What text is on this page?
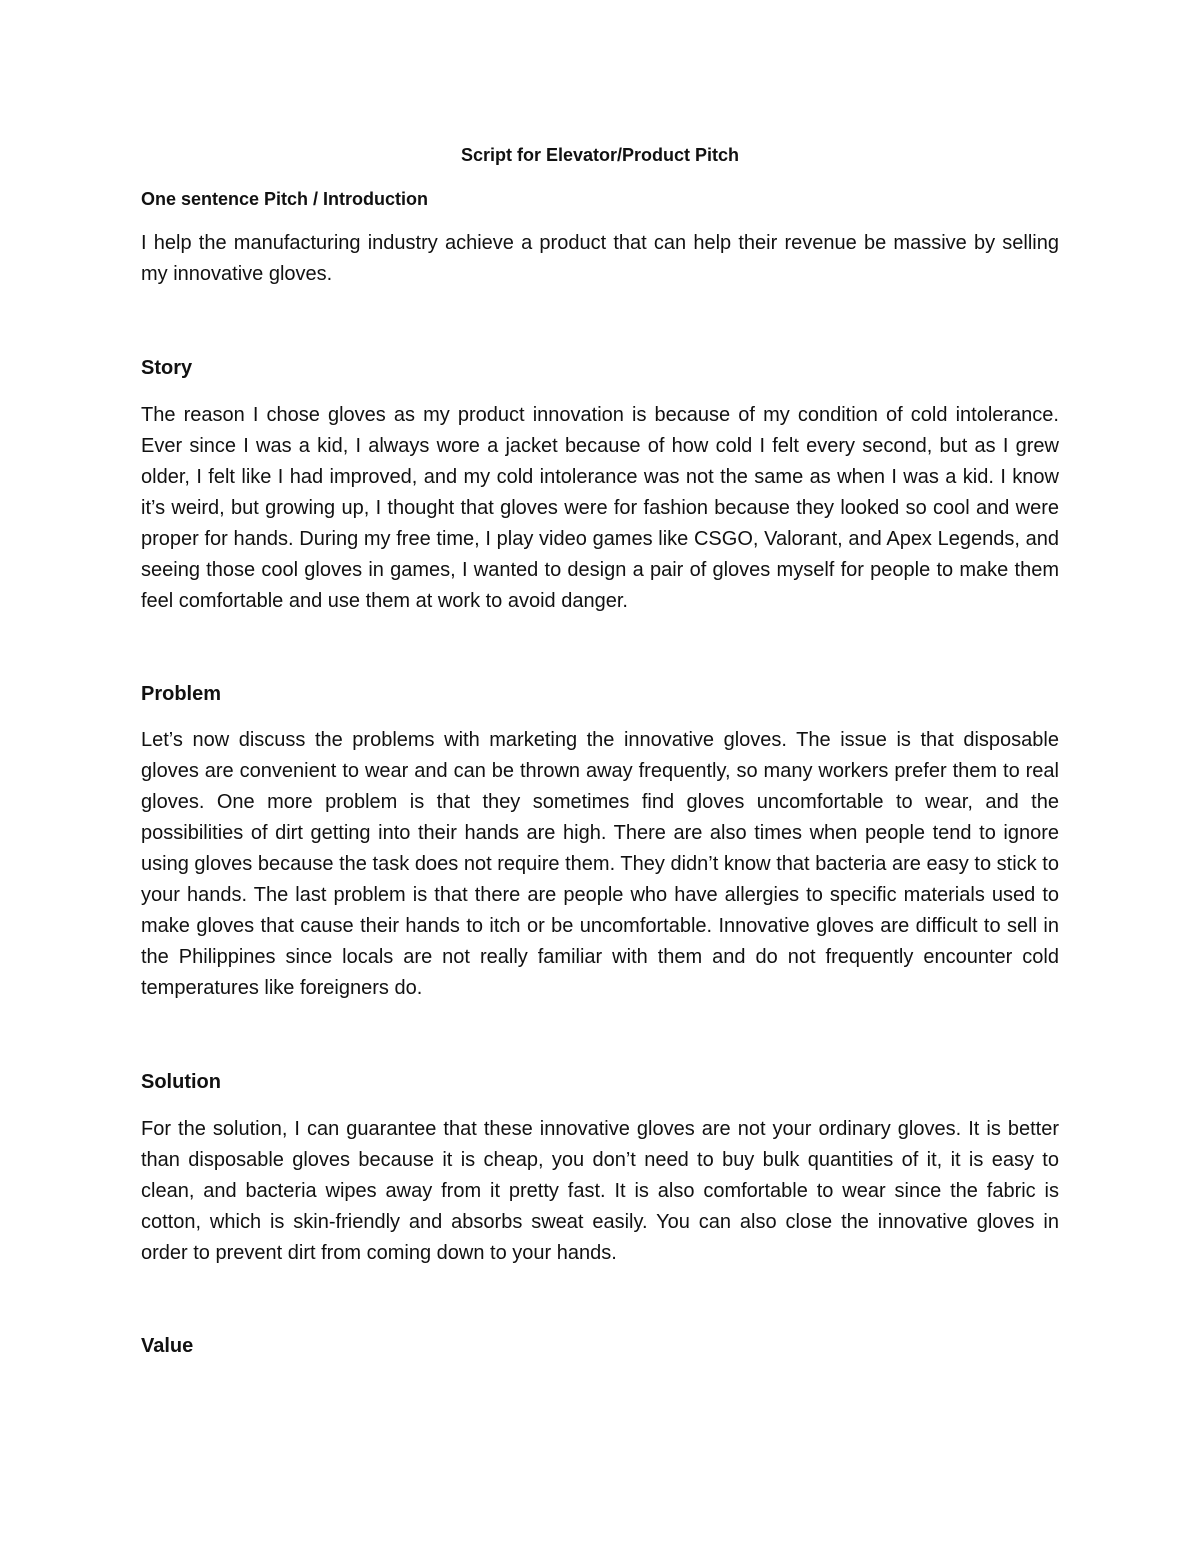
Script for Elevator/Product Pitch
One sentence Pitch / Introduction

I help the manufacturing industry achieve a product that can help their revenue be massive by selling my innovative gloves.

Story

The reason I chose gloves as my product innovation is because of my condition of cold intolerance. Ever since I was a kid, I always wore a jacket because of how cold I felt every second, but as I grew older, I felt like I had improved, and my cold intolerance was not the same as when I was a kid. I know it’s weird, but growing up, I thought that gloves were for fashion because they looked so cool and were proper for hands. During my free time, I play video games like CSGO, Valorant, and Apex Legends, and seeing those cool gloves in games, I wanted to design a pair of gloves myself for people to make them feel comfortable and use them at work to avoid danger.

Problem

Let’s now discuss the problems with marketing the innovative gloves. The issue is that disposable gloves are convenient to wear and can be thrown away frequently, so many workers prefer them to real gloves. One more problem is that they sometimes find gloves uncomfortable to wear, and the possibilities of dirt getting into their hands are high. There are also times when people tend to ignore using gloves because the task does not require them. They didn’t know that bacteria are easy to stick to your hands. The last problem is that there are people who have allergies to specific materials used to make gloves that cause their hands to itch or be uncomfortable. Innovative gloves are difficult to sell in the Philippines since locals are not really familiar with them and do not frequently encounter cold temperatures like foreigners do.

Solution

For the solution, I can guarantee that these innovative gloves are not your ordinary gloves. It is better than disposable gloves because it is cheap, you don’t need to buy bulk quantities of it, it is easy to clean, and bacteria wipes away from it pretty fast. It is also comfortable to wear since the fabric is cotton, which is skin-friendly and absorbs sweat easily. You can also close the innovative gloves in order to prevent dirt from coming down to your hands.

Value
